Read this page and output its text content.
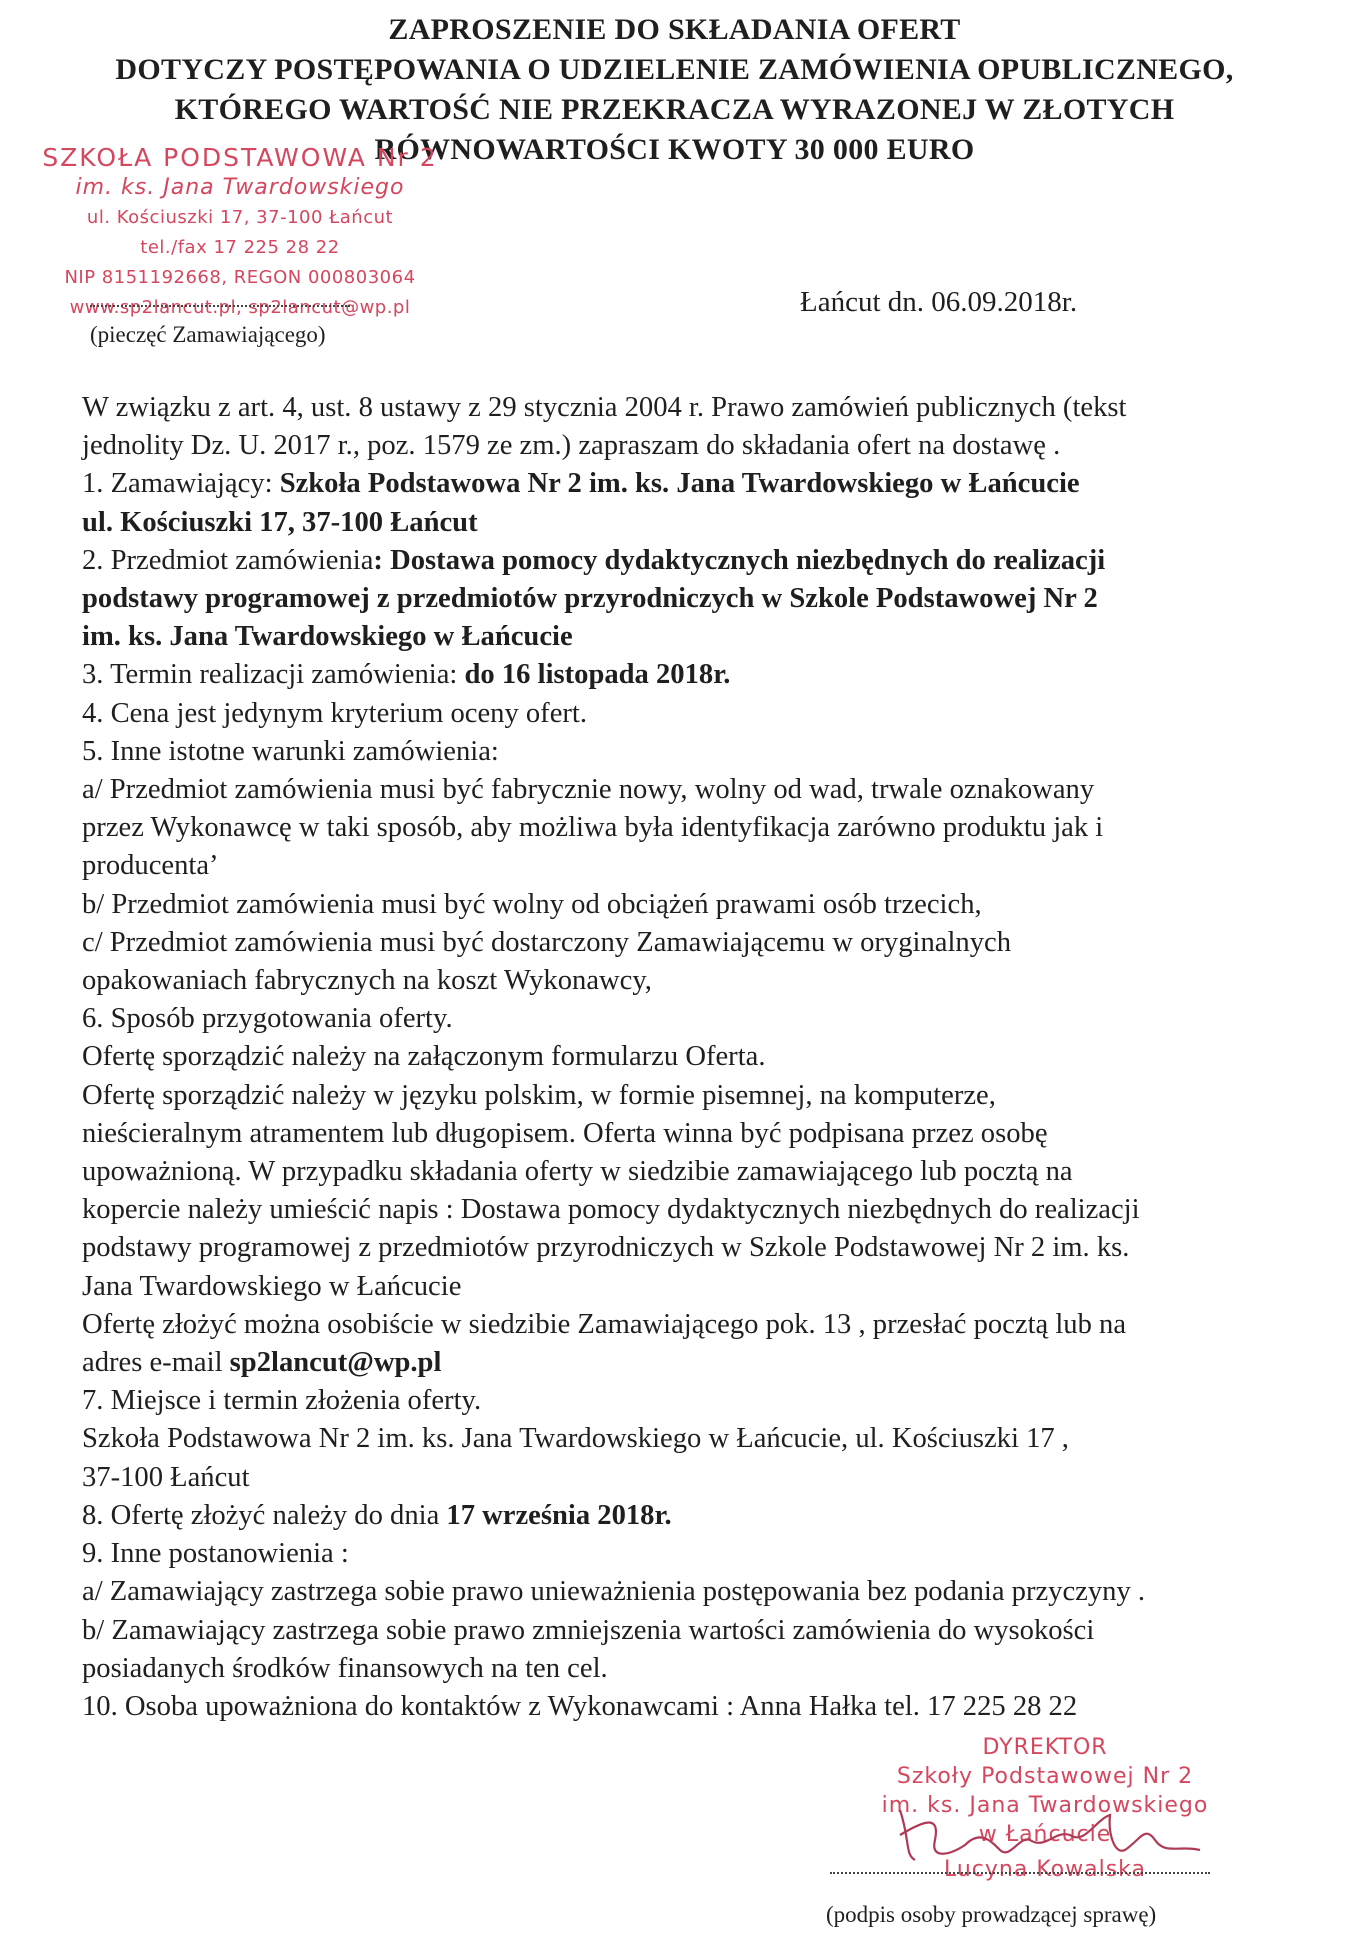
ZAPROSZENIE DO SKŁADANIA OFERT
DOTYCZY POSTĘPOWANIA O UDZIELENIE ZAMÓWIENIA OPUBLICZNEGO,
KTÓREGO WARTOŚĆ NIE PRZEKRACZA WYRAZONEJ W ZŁOTYCH
RÓWNOWARTOŚCI KWOTY 30 000 EURO
SZKOŁA PODSTAWOWA Nr 2
im. ks. Jana Twardowskiego
ul. Kościuszki 17, 37-100 Łańcut
tel./fax 17 225 28 22
NIP 8151192668, REGON 000803064
www.sp2lancut.pl, sp2lancut@wp.pl
(pieczęć Zamawiającego)
Łańcut dn. 06.09.2018r.
W związku z art. 4, ust. 8 ustawy z 29 stycznia 2004 r. Prawo zamówień publicznych (tekst
jednolity Dz. U. 2017 r., poz. 1579 ze zm.) zapraszam do składania ofert na dostawę .
1. Zamawiający: Szkoła Podstawowa Nr 2 im. ks. Jana Twardowskiego w Łańcucie
ul. Kościuszki 17, 37-100 Łańcut
2. Przedmiot zamówienia: Dostawa pomocy dydaktycznych niezbędnych do realizacji
podstawy programowej z przedmiotów przyrodniczych w Szkole Podstawowej Nr 2
im. ks. Jana Twardowskiego w Łańcucie
3. Termin realizacji zamówienia: do 16 listopada 2018r.
4. Cena jest jedynym kryterium oceny ofert.
5. Inne istotne warunki zamówienia:
a/ Przedmiot zamówienia musi być fabrycznie nowy, wolny od wad, trwale oznakowany
przez Wykonawcę w taki sposób, aby możliwa była identyfikacja zarówno produktu jak i
producenta’
b/ Przedmiot zamówienia musi być wolny od obciążeń prawami osób trzecich,
c/ Przedmiot zamówienia musi być dostarczony Zamawiającemu w oryginalnych
opakowaniach fabrycznych na koszt Wykonawcy,
6. Sposób przygotowania oferty.
Ofertę sporządzić należy na załączonym formularzu Oferta.
Ofertę sporządzić należy w języku polskim, w formie pisemnej, na komputerze,
nieścieralnym atramentem lub długopisem. Oferta winna być podpisana przez osobę
upoważnioną. W przypadku składania oferty w siedzibie zamawiającego lub pocztą na
kopercie należy umieścić napis : Dostawa pomocy dydaktycznych niezbędnych do realizacji
podstawy programowej z przedmiotów przyrodniczych w Szkole Podstawowej Nr 2 im. ks.
Jana Twardowskiego w Łańcucie
Ofertę złożyć można osobiście w siedzibie Zamawiającego pok. 13 , przesłać pocztą lub na
adres e-mail sp2lancut@wp.pl
7. Miejsce i termin złożenia oferty.
Szkoła Podstawowa Nr 2 im. ks. Jana Twardowskiego w Łańcucie, ul. Kościuszki 17 ,
37-100 Łańcut
8. Ofertę złożyć należy do dnia 17 września 2018r.
9. Inne postanowienia :
a/ Zamawiający zastrzega sobie prawo unieważnienia postępowania bez podania przyczyny .
b/ Zamawiający zastrzega sobie prawo zmniejszenia wartości zamówienia do wysokości
posiadanych środków finansowych na ten cel.
10. Osoba upoważniona do kontaktów z Wykonawcami : Anna Hałka tel. 17 225 28 22
DYREKTOR
Szkoły Podstawowej Nr 2
im. ks. Jana Twardowskiego
w Łańcucie
Lucyna Kowalska
(podpis osoby prowadzącej sprawę)
